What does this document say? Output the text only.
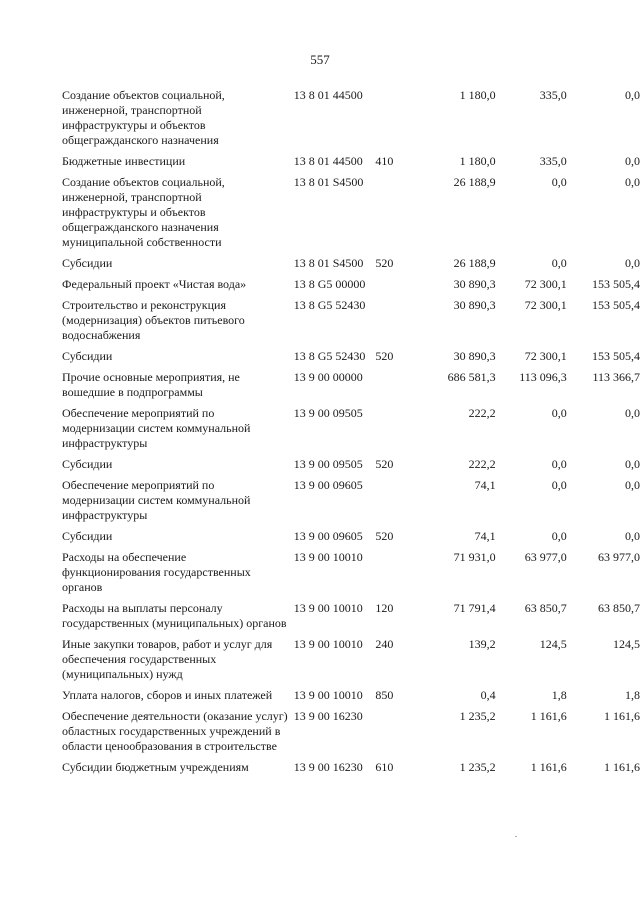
557
Создание объектов социальной, инженерной, транспортной инфраструктуры и объектов общегражданского назначения	13 8 01 44500		1 180,0	335,0	0,0
Бюджетные инвестиции	13 8 01 44500	410	1 180,0	335,0	0,0
Создание объектов социальной, инженерной, транспортной инфраструктуры и объектов общегражданского назначения муниципальной собственности	13 8 01 S4500		26 188,9	0,0	0,0
Субсидии	13 8 01 S4500	520	26 188,9	0,0	0,0
Федеральный проект «Чистая вода»	13 8 G5 00000		30 890,3	72 300,1	153 505,4
Строительство и реконструкция (модернизация) объектов питьевого водоснабжения	13 8 G5 52430		30 890,3	72 300,1	153 505,4
Субсидии	13 8 G5 52430	520	30 890,3	72 300,1	153 505,4
Прочие основные мероприятия, не вошедшие в подпрограммы	13 9 00 00000		686 581,3	113 096,3	113 366,7
Обеспечение мероприятий по модернизации систем коммунальной инфраструктуры	13 9 00 09505		222,2	0,0	0,0
Субсидии	13 9 00 09505	520	222,2	0,0	0,0
Обеспечение мероприятий по модернизации систем коммунальной инфраструктуры	13 9 00 09605		74,1	0,0	0,0
Субсидии	13 9 00 09605	520	74,1	0,0	0,0
Расходы на обеспечение функционирования государственных органов	13 9 00 10010		71 931,0	63 977,0	63 977,0
Расходы на выплаты персоналу государственных (муниципальных) органов	13 9 00 10010	120	71 791,4	63 850,7	63 850,7
Иные закупки товаров, работ и услуг для обеспечения государственных (муниципальных) нужд	13 9 00 10010	240	139,2	124,5	124,5
Уплата налогов, сборов и иных платежей	13 9 00 10010	850	0,4	1,8	1,8
Обеспечение деятельности (оказание услуг) областных государственных учреждений в области ценообразования в строительстве	13 9 00 16230		1 235,2	1 161,6	1 161,6
Субсидии бюджетным учреждениям	13 9 00 16230	610	1 235,2	1 161,6	1 161,6
